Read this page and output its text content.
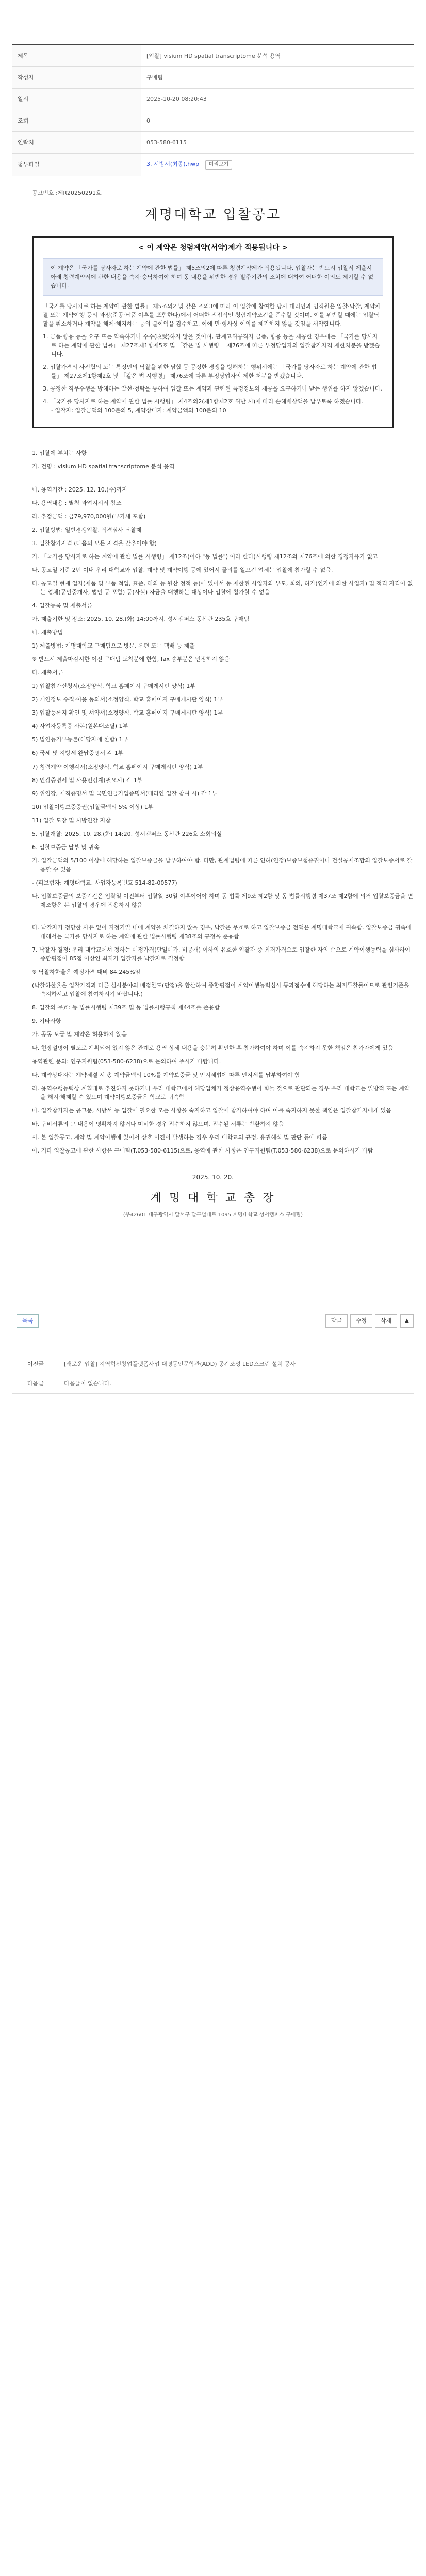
제목	[입찰] visium HD spatial transcriptome 분석 용역
작성자	구매팀
일시	2025-10-20 08:20:43
조회	0
연락처	053-580-6115
첨부파일	3. 시방서(최종).hwp 미리보기
공고번호 :제R20250291호
계명대학교 입찰공고
< 이 계약은 청렴계약(서약)제가 적용됩니다 >
이 계약은 「국가를 당사자로 하는 계약에 관한 법률」 제5조의2에 따른 청렴계약제가 적용됩니다. 입찰자는 반드시 입찰서 제출시 아래 청렴계약서에 관한 내용을 숙지·승낙하여야 하며 동 내용을 위반한 경우 발주기관의 조치에 대하여 어떠한 이의도 제기할 수 없습니다.

「국가를 당사자로 하는 계약에 관한 법률」 제5조의2 및 같은 조의3에 따라 이 입찰에 참여한 당사 대리인과 임직원은 입찰·낙찰, 계약체결 또는 계약이행 등의 과정(준공·납품 이후를 포함한다)에서 어떠한 직접적인 청렴계약조건을 준수할 것이며, 이를 위반할 때에는 입찰낙찰을 취소하거나 계약을 해제·해지하는 등의 불이익을 감수하고, 이에 민·형사상 이의를 제기하지 않을 것임을 서약합니다.

1. 금품·향응 등을 요구 또는 약속하거나 수수(收受)하지 않을 것이며, 관계고위공직자 금품, 향응 등을 제공한 경우에는 「국가를 당사자로 하는 계약에 관한 법률」 제27조제1항제5호 및 「같은 법 시행령」 제76조에 따른 부정당업자의 입찰참가자격 제한처분을 받겠습니다.
2. 입찰가격의 사전협의 또는 특정인의 낙찰을 위한 담합 등 공정한 경쟁을 방해하는 행위시에는 「국가를 당사자로 하는 계약에 관한 법률」 제27조제1항제2호 및 「같은 법 시행령」 제76조에 따른 부정당업자의 제한 처분을 받겠습니다.
3. 공정한 직무수행을 방해하는 알선·청탁을 통하여 입찰 또는 계약과 관련된 특정정보의 제공을 요구하거나 받는 행위를 하지 않겠습니다.
4. 「국가를 당사자로 하는 계약에 관한 법률 시행령」 제4조의2(제1항제2호 위반 시)에 따라 손해배상액을 납부토록 하겠습니다.
- 입찰자: 입찰금액의 100분의 5, 계약상대자: 계약금액의 100분의 10
1. 입찰에 부치는 사항
가. 건명 : visium HD spatial transcriptome 분석 용역
나. 용역기간 : 2025. 12. 10.(수)까지
다. 용역내용 : 별첨 과업지시서 참조
라. 추정금액 : 금79,970,000원(부가세 포함)
2. 입찰방법: 일반경쟁입찰, 적격심사 낙찰제
3. 입찰참가자격 (다음의 모든 자격을 갖추어야 함)
가. 「국가를 당사자로 하는 계약에 관한 법률 시행령」 제12조(이하 "동 법률") 이라 한다)시행령 제12조와 제76조에 의한 경쟁자유가 없고
나. 공고일 기준 2년 이내 우리 대학교와 입찰, 계약 및 계약이행 등에 있어서 물의를 일으킨 업체는 입찰에 참가할 수 없음.
다. 공고일 현재 업자(제품 및 부품 적입, 표준, 해외 등 원산 정적 등)에 있어서 동 제한된 사업자와 부도, 회의, 허가(인가에 의한 사업자) 및 적격 자격이 없는 업체(공인중개사, 법인 등 포함) 등(사실) 자금을 대행하는 대상이나 입찰에 참가할 수 없음
4. 입찰등록 및 제출서류
가. 제출기한 및 장소: 2025. 10. 28.(화) 14:00까지, 성서캠퍼스 동산관 235호 구매팀
나. 제출방법
1) 제출방법: 계명대학교 구매팀으로 방문, 우편 또는 택배 등 제출
※ 반드시 제출마감시한 이전 구매팀 도착분에 한함, fax 송부분은 인정하지 않음
다. 제출서류
1) 입찰참가신청서(소정양식, 학교 홈페이지 구매게시판 양식) 1부
2) 개인정보 수집·이용 동의서(소정양식, 학교 홈페이지 구매게시판 양식) 1부
3) 입찰등록지 확인 및 서약서(소정양식, 학교 홈페이지 구매게시판 양식) 1부
4) 사업자등록증 사본(원본대조필) 1부
5) 법인등기부등본(해당자에 한함) 1부
6) 국세 및 지방세 완납증명서 각 1부
7) 청렴계약 이행각서(소정양식, 학교 홈페이지 구매게시판 양식) 1부
8) 인감증명서 및 사용인감계(필요시) 각 1부
9) 위임장, 재직증명서 및 국민연금가입증명서(대리인 입찰 참여 시) 각 1부
10) 입찰이행보증증권(입찰금액의 5% 이상) 1부
11) 입찰 도장 및 시방인감 지참
5. 입찰개찰: 2025. 10. 28.(화) 14:20, 성서캠퍼스 동산관 226호 소회의실
6. 입찰보증금 납부 및 귀속
가. 입찰금액의 5/100 이상에 해당하는 입찰보증금을 납부하여야 함. 다만, 관계법령에 따른 인허(인정)보증보험증권이나 건설공제조합의 입찰보증서로 갈음할 수 있음
- (피보험자: 계명대학교, 사업자등록번호 514-82-00577)
나. 입찰보증금의 보증기간은 입찰일 이전부터 입찰일 30일 이후이어야 하며 동 법률 제9조 제2항 및 동 법률시행령 제37조 제2항에 의거 입찰보증금을 면제조항은 본 입찰의 경우에 적용하지 않음
다. 낙찰자가 정당한 사유 없이 지정기일 내에 계약을 체결하지 않을 경우, 낙찰은 무효로 하고 입찰보증금 전액은 계명대학교에 귀속함. 입찰보증금 귀속에 대해서는 국가를 당사자로 하는 계약에 관한 법률시행령 제38조의 규정을 준용함
7. 낙찰자 결정: 우리 대학교에서 정하는 예정가격(단일예가, 비공개) 이하의 유효한 입찰자 중 최저가격으로 입찰한 자의 순으로 계약이행능력을 심사하여 종합평점이 85점 이상인 최저가 입찰자를 낙찰자로 결정함
※ 낙찰하한율은 예정가격 대비 84.245%임
(낙찰하한율은 입찰가격과 다른 심사분야의 배점한도(만점)을 합산하여 종합평점이 계약이행능력심사 통과점수에 해당하는 최저투찰률이므로 관련기준을 숙지하시고 입찰에 참여하시기 바랍니다.)
8. 입찰의 무효: 동 법률시행령 제39조 및 동 법률시행규칙 제44조를 준용함
9. 기타사항
가. 공동 도급 및 계약은 허용하지 않음
나. 현장설명이 별도로 계획되어 있지 않은 관계로 용역 상세 내용을 충분히 확인한 후 참가하여야 하며 이를 숙지하지 못한 책임은 참가자에게 있음
용역관련 문의: 연구지원팀(053-580-6238)으로 문의하여 주시기 바랍니다.
다. 계약상대자는 계약체결 시 총 계약금액의 10%를 계약보증금 및 인지세법에 따른 인지세를 납부하여야 함
라. 용역수행능력상 계획대로 추진하지 못하거나 우리 대학교에서 해당업체가 정상용역수행이 힘들 것으로 판단되는 경우 우리 대학교는 일방적 또는 계약을 해지·해제할 수 있으며 계약이행보증금은 학교로 귀속함
마. 입찰참가자는 공고문, 시방서 등 입찰에 필요한 모든 사항을 숙지하고 입찰에 참가하여야 하며 이를 숙지하지 못한 책임은 입찰참가자에게 있음
바. 구비서류의 그 내용이 명확하지 않거나 미비한 경우 접수하지 않으며, 접수된 서류는 반환하지 않음
사. 본 입찰공고, 계약 및 계약이행에 있어서 상호 이견이 발생하는 경우 우리 대학교의 규정, 유권해석 및 판단 등에 따름
아. 기타 입찰공고에 관한 사항은 구매팀(T.053-580-6115)으로, 용역에 관한 사항은 연구지원팀(T.053-580-6238)으로 문의하시기 바람
2025. 10. 20.
계 명 대 학 교 총 장
(우42601 대구광역시 달서구 달구벌대로 1095 계명대학교 성서캠퍼스 구매팀)
목록	답글	수정	삭제	▲
이전글	[새로운 입찰] 지역혁신창업플랫폼사업 대명동인문학관(ADD) 공간조성 LED스크린 설치 공사
다음글	다음글이 없습니다.
